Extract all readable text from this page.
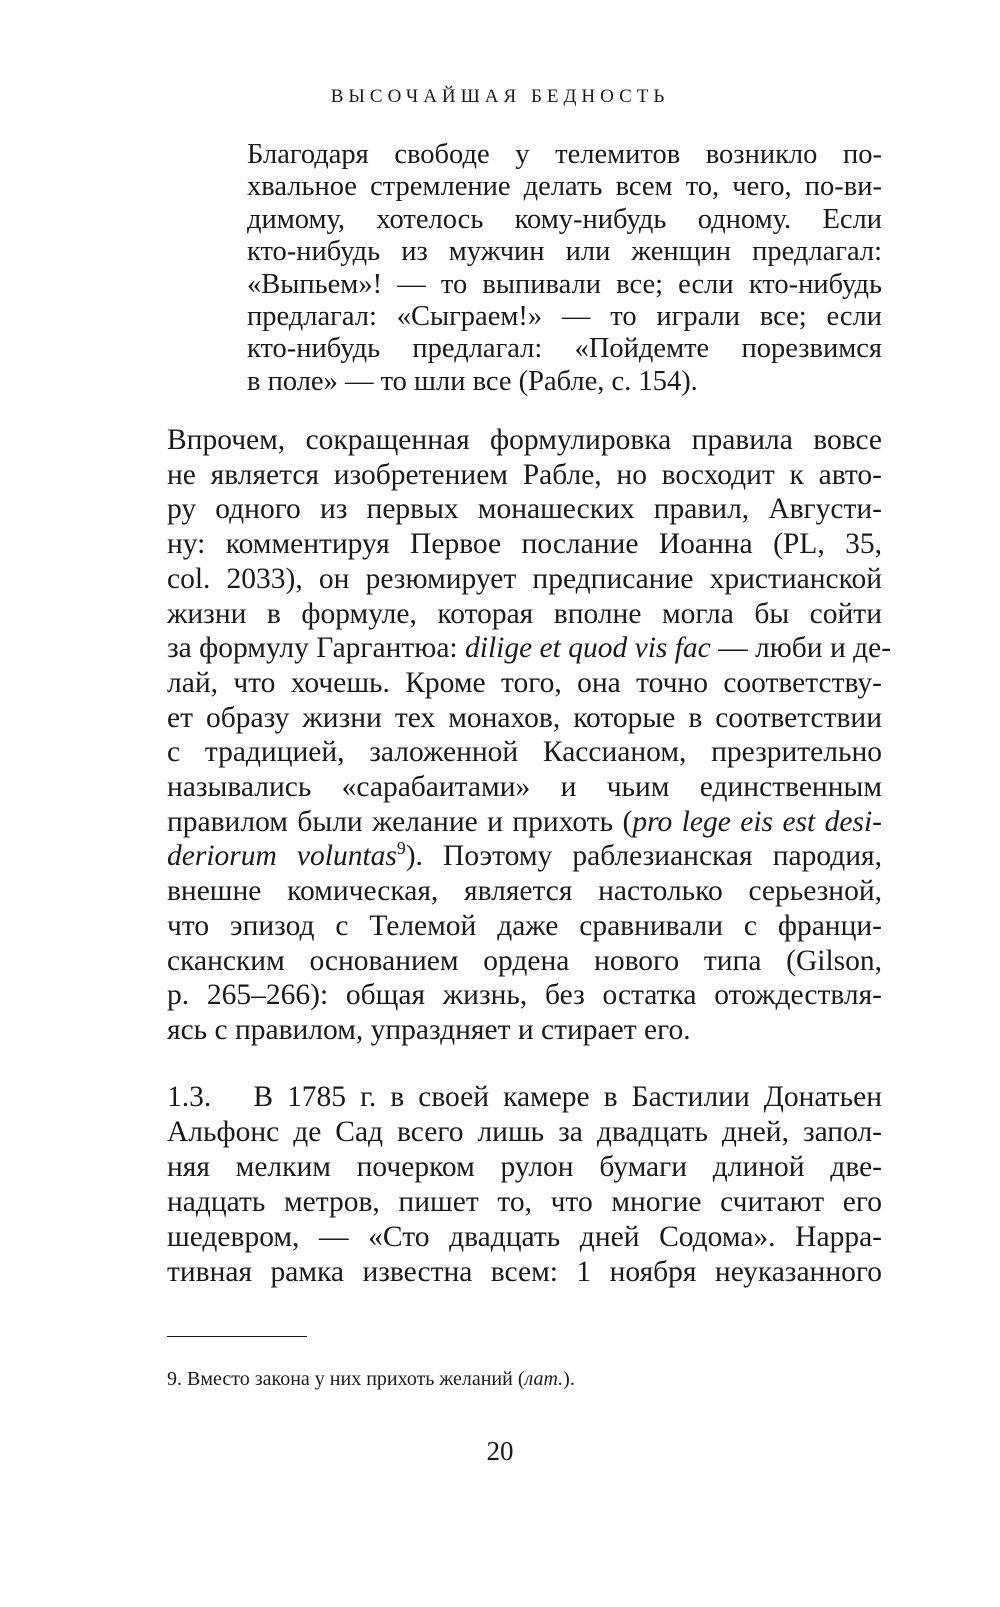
ВЫСОЧАЙШАЯ БЕДНОСТЬ
Благодаря свободе у телемитов возникло по-
хвальное стремление делать всем то, чего, по-ви-
димому, хотелось кому-нибудь одному. Если
кто-нибудь из мужчин или женщин предлагал:
«Выпьем»! — то выпивали все; если кто-нибудь
предлагал: «Сыграем!» — то играли все; если
кто-нибудь предлагал: «Пойдемте порезвимся
в поле» — то шли все (Рабле, с. 154).
Впрочем, сокращенная формулировка правила вовсе
не является изобретением Рабле, но восходит к авто-
ру одного из первых монашеских правил, Августи-
ну: комментируя Первое послание Иоанна (PL, 35,
col. 2033), он резюмирует предписание христианской
жизни в формуле, которая вполне могла бы сойти
за формулу Гаргантюа: dilige et quod vis fac — люби и де-
лай, что хочешь. Кроме того, она точно соответству-
ет образу жизни тех монахов, которые в соответствии
с традицией, заложенной Кассианом, презрительно
назывались «сарабаитами» и чьим единственным
правилом были желание и прихоть (pro lege eis est desi-
deriorum voluntas$^9$). Поэтому раблезианская пародия,
внешне комическая, является настолько серьезной,
что эпизод с Телемой даже сравнивали с франци-
сканским основанием ордена нового типа (Gilson,
p. 265–266): общая жизнь, без остатка отождествля-
ясь с правилом, упраздняет и стирает его.
1.3.   В 1785 г. в своей камере в Бастилии Донатьен
Альфонс де Сад всего лишь за двадцать дней, запол-
няя мелким почерком рулон бумаги длиной две-
надцать метров, пишет то, что многие считают его
шедевром, — «Сто двадцать дней Содома». Нарра-
тивная рамка известна всем: 1 ноября неуказанного
9. Вместо закона у них прихоть желаний (лат.).
20
